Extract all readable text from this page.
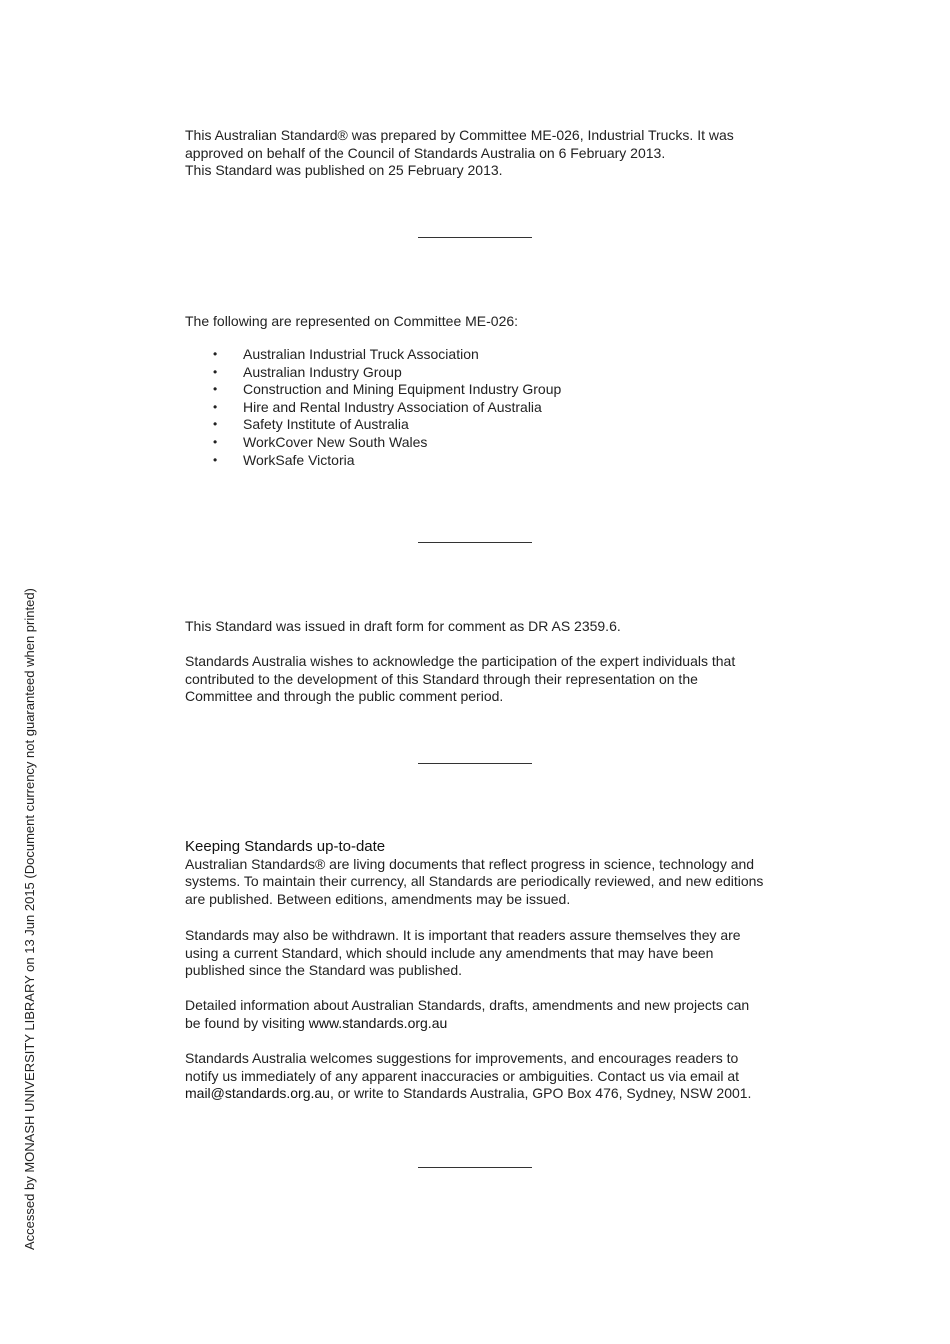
This Australian Standard® was prepared by Committee ME-026, Industrial Trucks. It was

approved on behalf of the Council of Standards Australia on 6 February 2013.

This Standard was published on 25 February 2013.

The following are represented on Committee ME-026:

• Australian Industrial Truck Association
• Australian Industry Group
• Construction and Mining Equipment Industry Group
• Hire and Rental Industry Association of Australia
• Safety Institute of Australia
• WorkCover New South Wales
• WorkSafe Victoria

This Standard was issued in draft form for comment as DR AS 2359.6.

Standards Australia wishes to acknowledge the participation of the expert individuals that

contributed to the development of this Standard through their representation on the

Committee and through the public comment period.

Keeping Standards up-to-date

Australian Standards® are living documents that reflect progress in science, technology and

systems. To maintain their currency, all Standards are periodically reviewed, and new editions

are published. Between editions, amendments may be issued.

Standards may also be withdrawn. It is important that readers assure themselves they are

using a current Standard, which should include any amendments that may have been

published since the Standard was published.

Detailed information about Australian Standards, drafts, amendments and new projects can

be found by visiting www.standards.org.au

Standards Australia welcomes suggestions for improvements, and encourages readers to

notify us immediately of any apparent inaccuracies or ambiguities. Contact us via email at

mail@standards.org.au, or write to Standards Australia, GPO Box 476, Sydney, NSW 2001.

Accessed by MONASH UNIVERSITY LIBRARY on 13 Jun 2015 (Document currency not guaranteed when printed)
